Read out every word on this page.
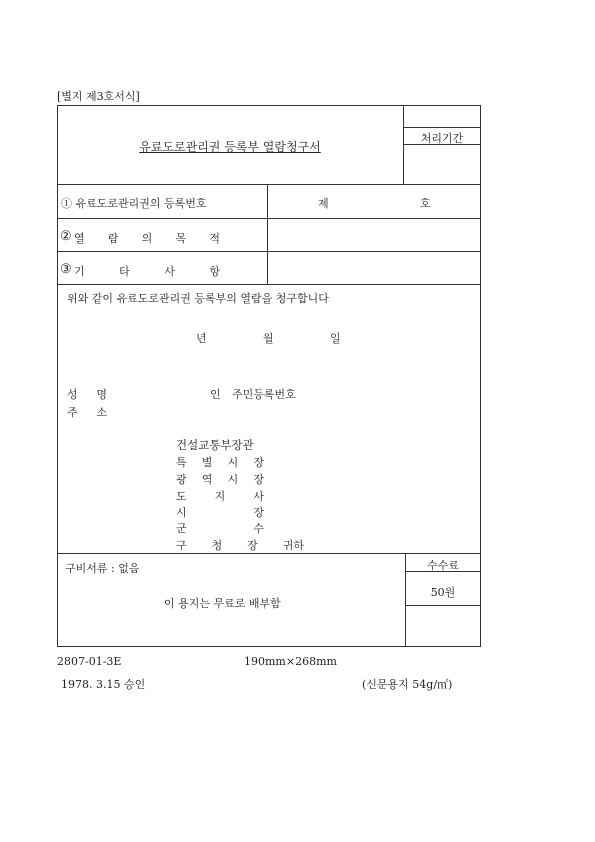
[별지 제3호서식]
처리기간
유료도로관리권 등록부 열람청구서
① 유료도로관리권의 등록번호	제	호
② 열 람 의 목 적
③ 기	타	사	항
위와 같이 유료도로관리권 등록부의 열람을 청구합니다
년	월	일
성 명	인 주민등록번호
주 소
건설교통부장관
특 별 시 장
광 역 시 장
도	지	사
시	장
군	수
구 청 장 귀하
구비서류 : 없음
이 용지는 무료로 배부함
수수료
50원
2807-01-3E	190mm×268mm
1978. 3.15 승인	(신문용지 54g/㎡)
